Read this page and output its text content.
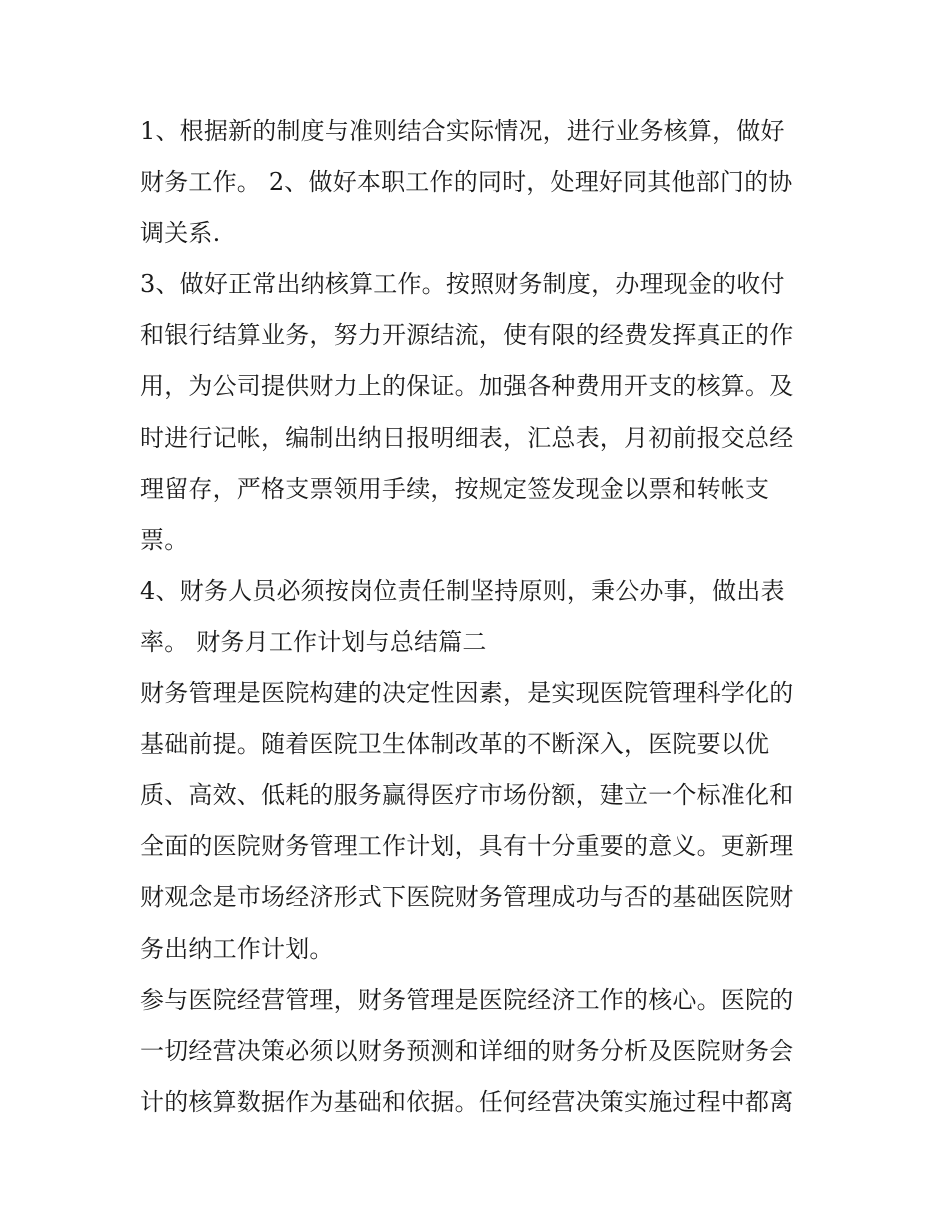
1、根据新的制度与准则结合实际情况，进行业务核算，做好
财务工作。 2、做好本职工作的同时，处理好同其他部门的协
调关系.
3、做好正常出纳核算工作。按照财务制度，办理现金的收付
和银行结算业务，努力开源结流，使有限的经费发挥真正的作
用，为公司提供财力上的保证。加强各种费用开支的核算。及
时进行记帐，编制出纳日报明细表，汇总表，月初前报交总经
理留存，严格支票领用手续，按规定签发现金以票和转帐支
票。
4、财务人员必须按岗位责任制坚持原则，秉公办事，做出表
率。 财务月工作计划与总结篇二
财务管理是医院构建的决定性因素，是实现医院管理科学化的
基础前提。随着医院卫生体制改革的不断深入，医院要以优
质、高效、低耗的服务赢得医疗市场份额，建立一个标准化和
全面的医院财务管理工作计划，具有十分重要的意义。更新理
财观念是市场经济形式下医院财务管理成功与否的基础医院财
务出纳工作计划。
参与医院经营管理，财务管理是医院经济工作的核心。医院的
一切经营决策必须以财务预测和详细的财务分析及医院财务会
计的核算数据作为基础和依据。任何经营决策实施过程中都离
